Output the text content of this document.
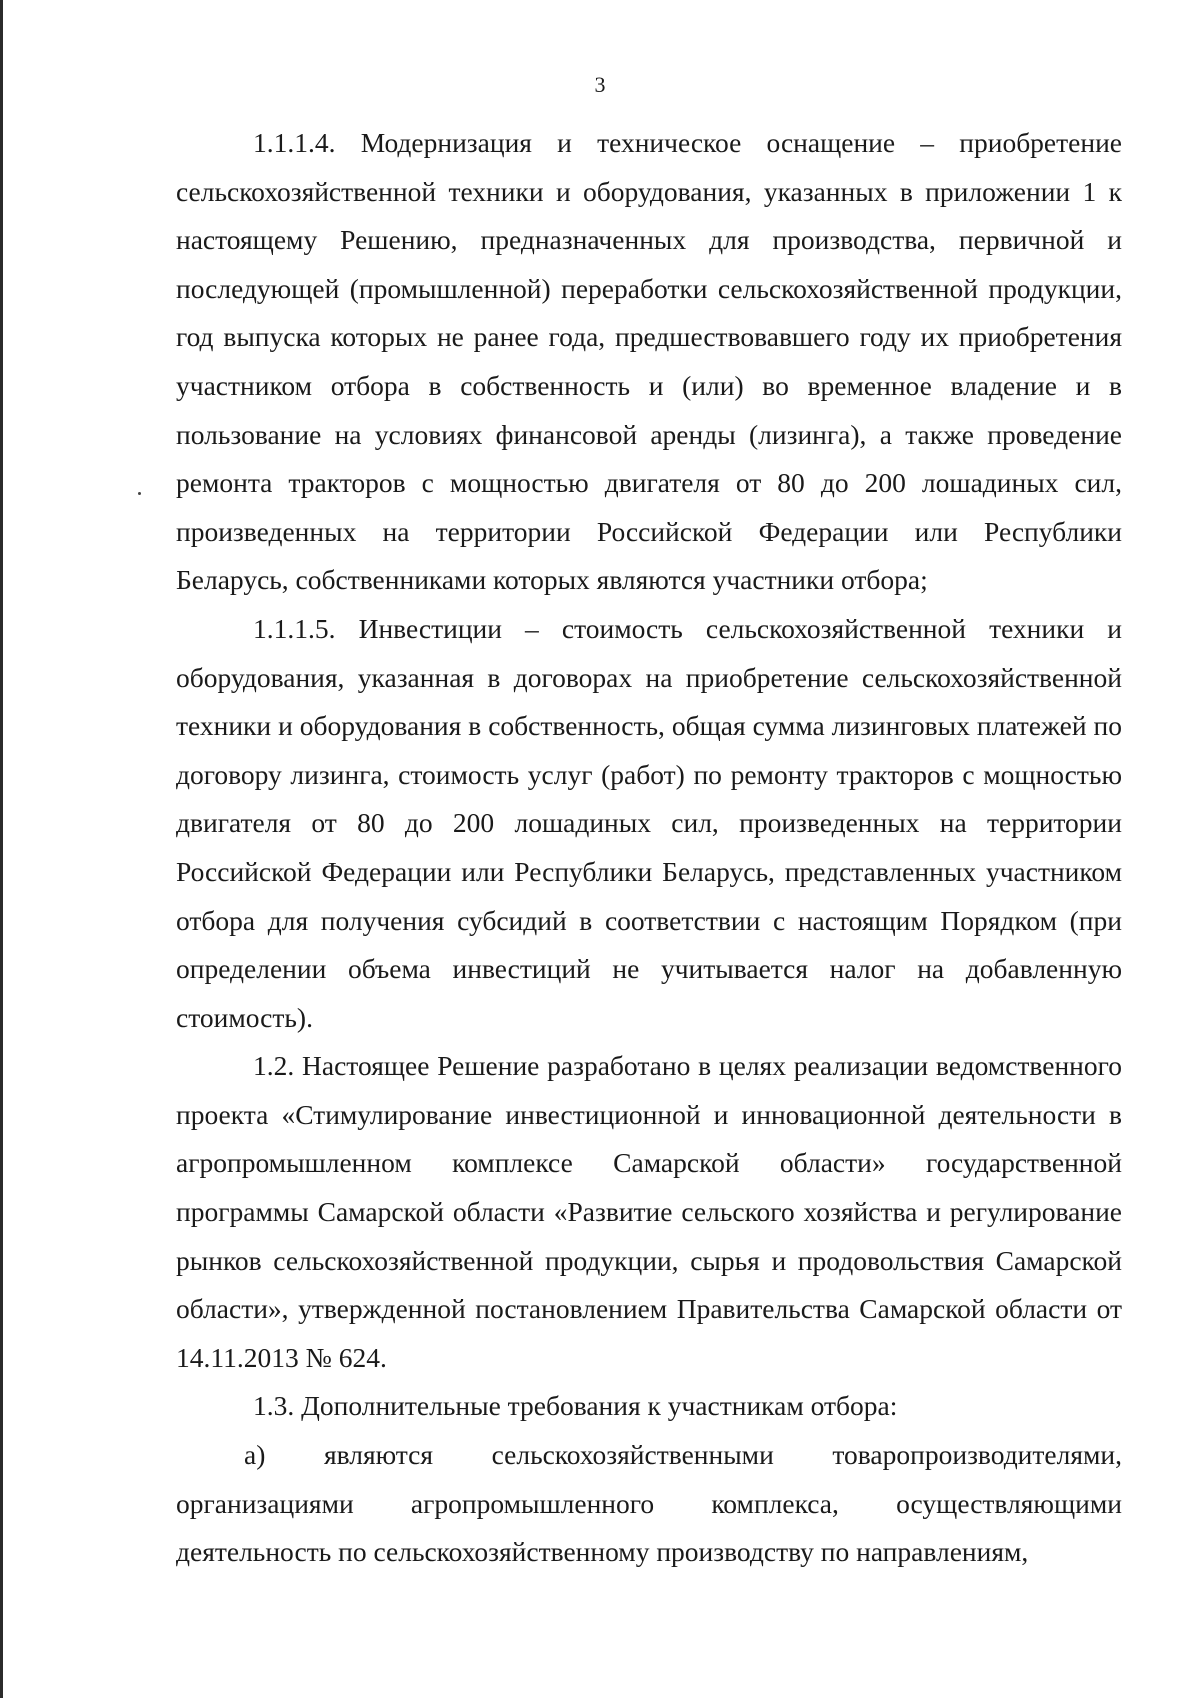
3

1.1.1.4. Модернизация и техническое оснащение – приобретение сельскохозяйственной техники и оборудования, указанных в приложении 1 к настоящему Решению, предназначенных для производства, первичной и последующей (промышленной) переработки сельскохозяйственной продукции, год выпуска которых не ранее года, предшествовавшего году их приобретения участником отбора в собственность и (или) во временное владение и в пользование на условиях финансовой аренды (лизинга), а также проведение ремонта тракторов с мощностью двигателя от 80 до 200 лошадиных сил, произведенных на территории Российской Федерации или Республики Беларусь, собственниками которых являются участники отбора;

1.1.1.5. Инвестиции – стоимость сельскохозяйственной техники и оборудования, указанная в договорах на приобретение сельскохозяйственной техники и оборудования в собственность, общая сумма лизинговых платежей по договору лизинга, стоимость услуг (работ) по ремонту тракторов с мощностью двигателя от 80 до 200 лошадиных сил, произведенных на территории Российской Федерации или Республики Беларусь, представленных участником отбора для получения субсидий в соответствии с настоящим Порядком (при определении объема инвестиций не учитывается налог на добавленную стоимость).

1.2. Настоящее Решение разработано в целях реализации ведомственного проекта «Стимулирование инвестиционной и инновационной деятельности в агропромышленном комплексе Самарской области» государственной программы Самарской области «Развитие сельского хозяйства и регулирование рынков сельскохозяйственной продукции, сырья и продовольствия Самарской области», утвержденной постановлением Правительства Самарской области от 14.11.2013 № 624.

1.3. Дополнительные требования к участникам отбора:

а) являются сельскохозяйственными товаропроизводителями, организациями агропромышленного комплекса, осуществляющими деятельность по сельскохозяйственному производству по направлениям,
